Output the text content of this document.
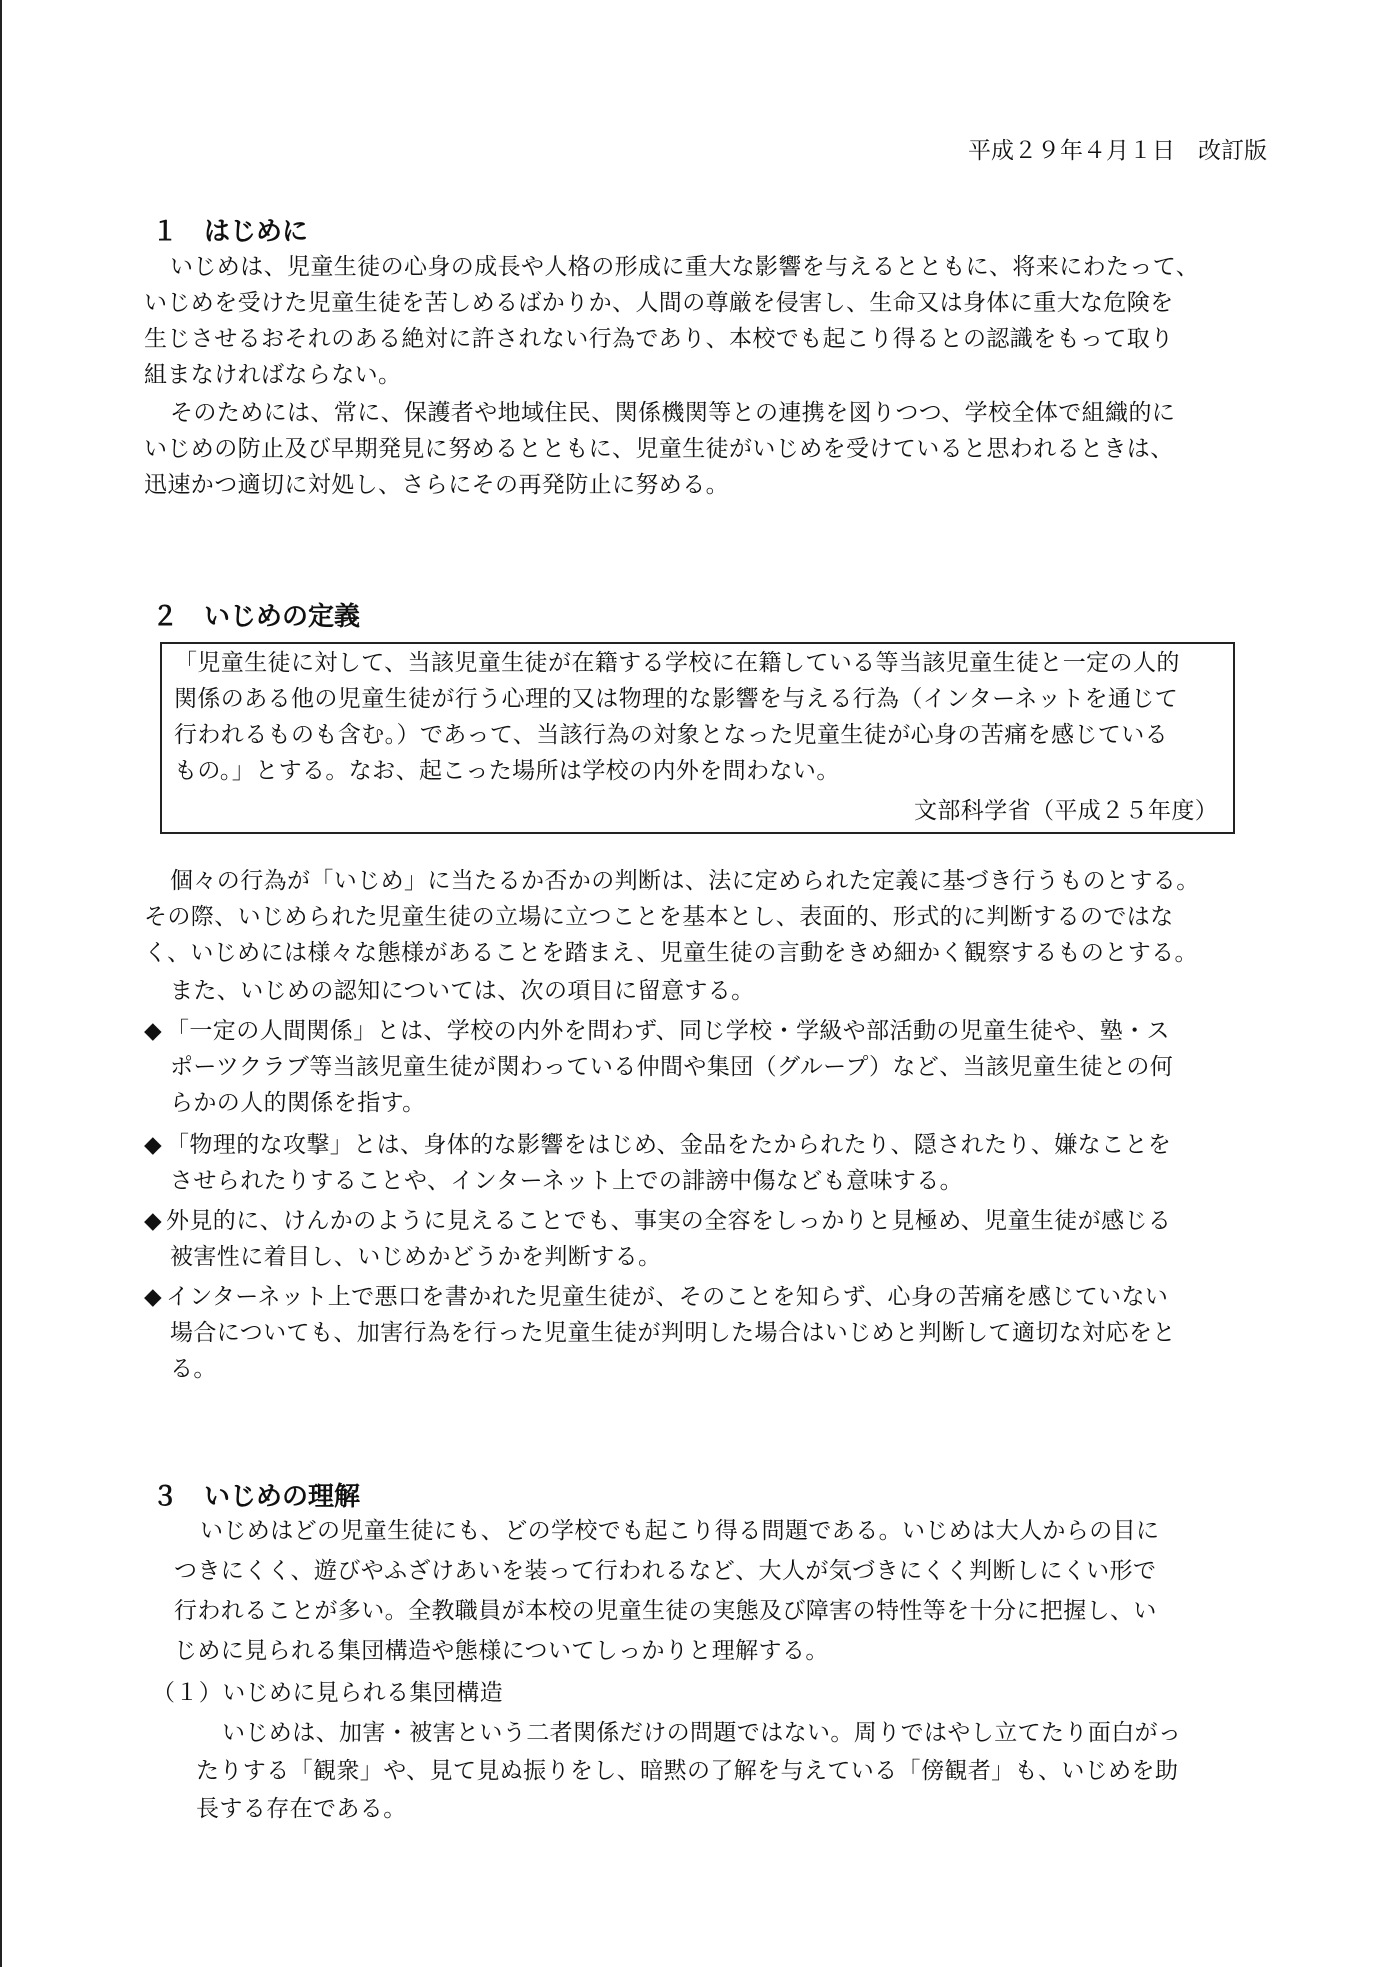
平成２９年４月１日　改訂版
１ はじめに
いじめは、児童生徒の心身の成長や人格の形成に重大な影響を与えるとともに、将来にわたって、
いじめを受けた児童生徒を苦しめるばかりか、人間の尊厳を侵害し、生命又は身体に重大な危険を
生じさせるおそれのある絶対に許されない行為であり、本校でも起こり得るとの認識をもって取り
組まなければならない。
そのためには、常に、保護者や地域住民、関係機関等との連携を図りつつ、学校全体で組織的に
いじめの防止及び早期発見に努めるとともに、児童生徒がいじめを受けていると思われるときは、
迅速かつ適切に対処し、さらにその再発防止に努める。
２ いじめの定義
「児童生徒に対して、当該児童生徒が在籍する学校に在籍している等当該児童生徒と一定の人的
関係のある他の児童生徒が行う心理的又は物理的な影響を与える行為（インターネットを通じて
行われるものも含む。）であって、当該行為の対象となった児童生徒が心身の苦痛を感じている
もの。」とする。なお、起こった場所は学校の内外を問わない。
文部科学省（平成２５年度）
個々の行為が「いじめ」に当たるか否かの判断は、法に定められた定義に基づき行うものとする。
その際、いじめられた児童生徒の立場に立つことを基本とし、表面的、形式的に判断するのではな
く、いじめには様々な態様があることを踏まえ、児童生徒の言動をきめ細かく観察するものとする。
また、いじめの認知については、次の項目に留意する。
◆ 「一定の人間関係」とは、学校の内外を問わず、同じ学校・学級や部活動の児童生徒や、塾・ス
ポーツクラブ等当該児童生徒が関わっている仲間や集団（グループ）など、当該児童生徒との何
らかの人的関係を指す。
◆ 「物理的な攻撃」とは、身体的な影響をはじめ、金品をたかられたり、隠されたり、嫌なことを
させられたりすることや、インターネット上での誹謗中傷なども意味する。
◆ 外見的に、けんかのように見えることでも、事実の全容をしっかりと見極め、児童生徒が感じる
被害性に着目し、いじめかどうかを判断する。
◆ インターネット上で悪口を書かれた児童生徒が、そのことを知らず、心身の苦痛を感じていない
場合についても、加害行為を行った児童生徒が判明した場合はいじめと判断して適切な対応をと
る。
３ いじめの理解
いじめはどの児童生徒にも、どの学校でも起こり得る問題である。いじめは大人からの目に
つきにくく、遊びやふざけあいを装って行われるなど、大人が気づきにくく判断しにくい形で
行われることが多い。全教職員が本校の児童生徒の実態及び障害の特性等を十分に把握し、い
じめに見られる集団構造や態様についてしっかりと理解する。
（１）いじめに見られる集団構造
いじめは、加害・被害という二者関係だけの問題ではない。周りではやし立てたり面白がっ
たりする「観衆」や、見て見ぬ振りをし、暗黙の了解を与えている「傍観者」も、いじめを助
長する存在である。
